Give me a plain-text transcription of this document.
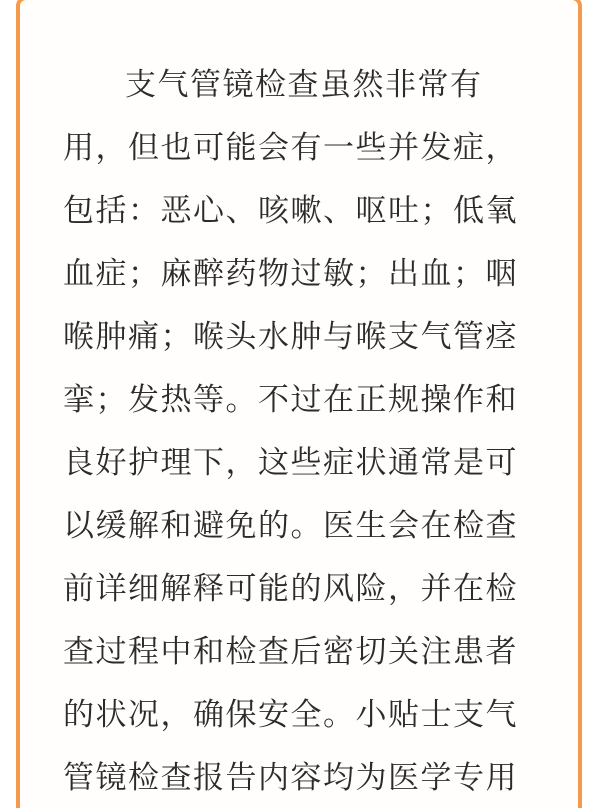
支气管镜检查虽然非常有
用，但也可能会有一些并发症，
包括：恶心、咳嗽、呕吐；低氧
血症；麻醉药物过敏；出血；咽
喉肿痛；喉头水肿与喉支气管痉
挛；发热等。不过在正规操作和
良好护理下，这些症状通常是可
以缓解和避免的。医生会在检查
前详细解释可能的风险，并在检
查过程中和检查后密切关注患者
的状况，确保安全。小贴士支气
管镜检查报告内容均为医学专用
